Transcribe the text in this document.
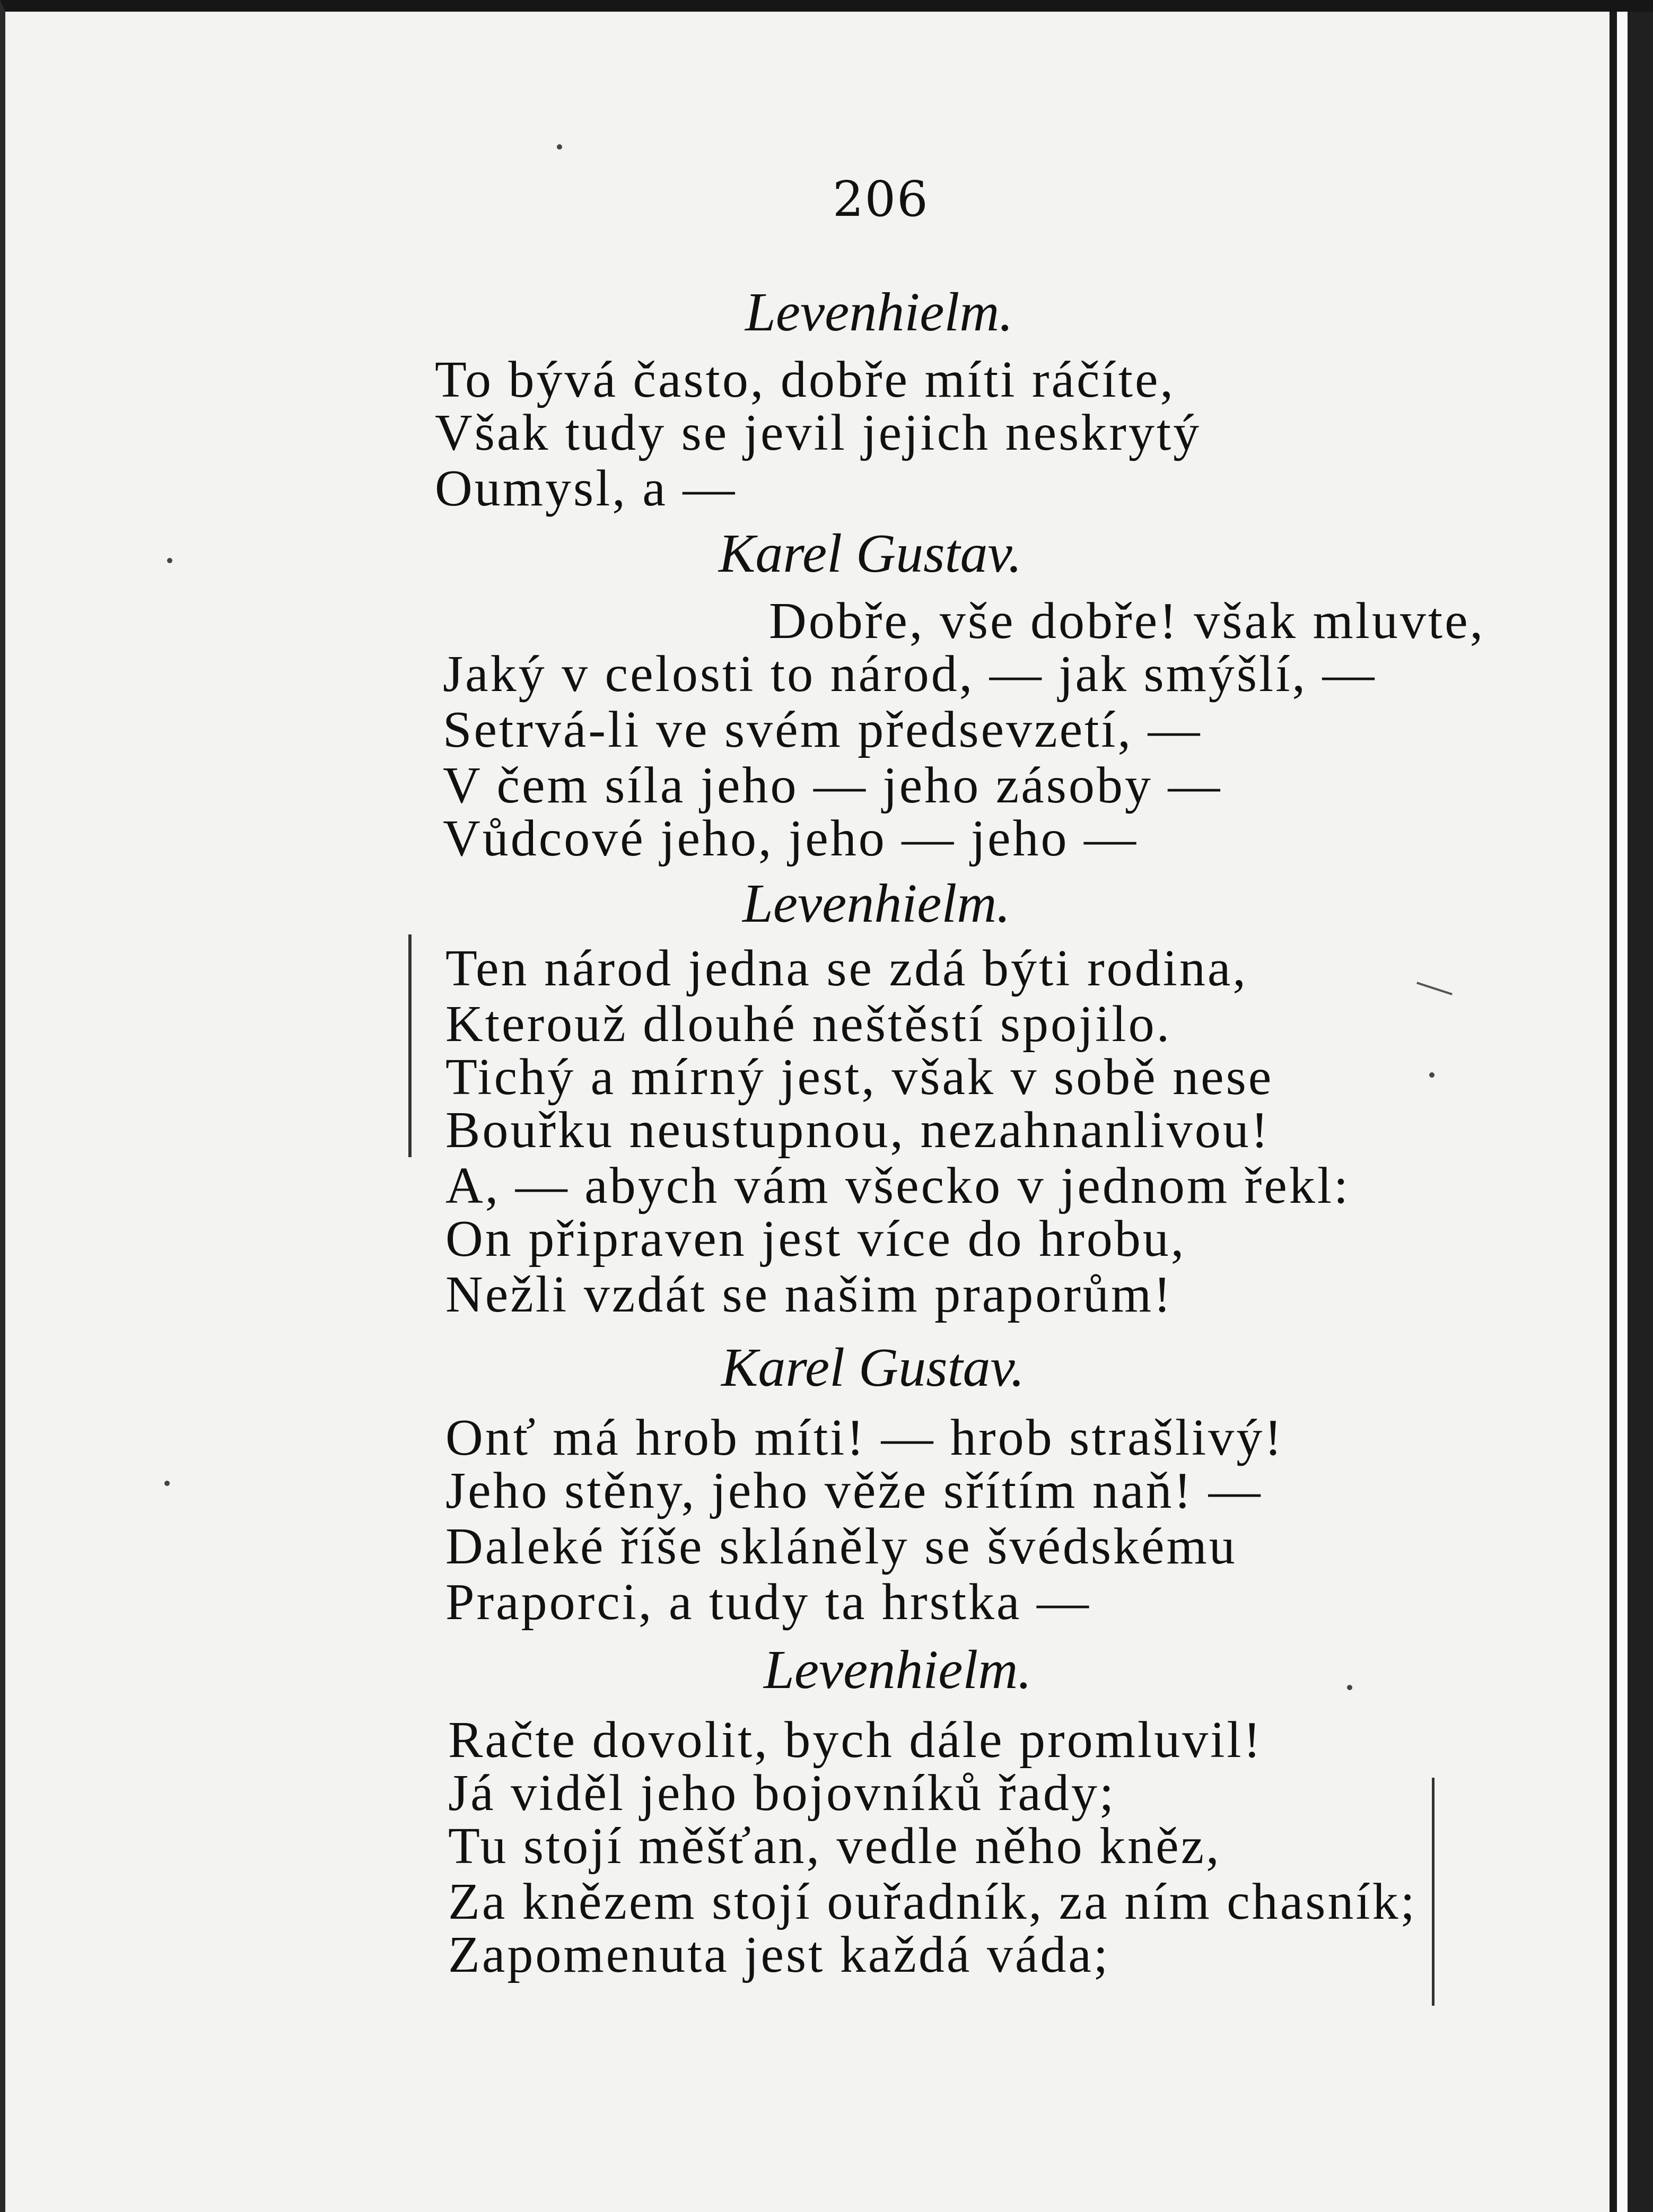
206
Levenhielm.
To bývá často, dobře míti ráčíte,
Však tudy se jevil jejich neskrytý
Oumysl, a —
Karel Gustav.
Dobře, vše dobře! však mluvte,
Jaký v celosti to národ, — jak smýšlí, —
Setrvá-li ve svém předsevzetí, —
V čem síla jeho — jeho zásoby —
Vůdcové jeho, jeho — jeho —
Levenhielm.
Ten národ jedna se zdá býti rodina,
Kterouž dlouhé neštěstí spojilo.
Tichý a mírný jest, však v sobě nese
Bouřku neustupnou, nezahnanlivou!
A, — abych vám všecko v jednom řekl:
On připraven jest více do hrobu,
Nežli vzdát se našim praporům!
Karel Gustav.
Onť má hrob míti! — hrob strašlivý!
Jeho stěny, jeho věže sřítím naň! —
Daleké říše skláněly se švédskému
Praporci, a tudy ta hrstka —
Levenhielm.
Račte dovolit, bych dále promluvil!
Já viděl jeho bojovníků řady;
Tu stojí měšťan, vedle něho kněz,
Za knězem stojí ouřadník, za ním chasník;
Zapomenuta jest každá váda;
